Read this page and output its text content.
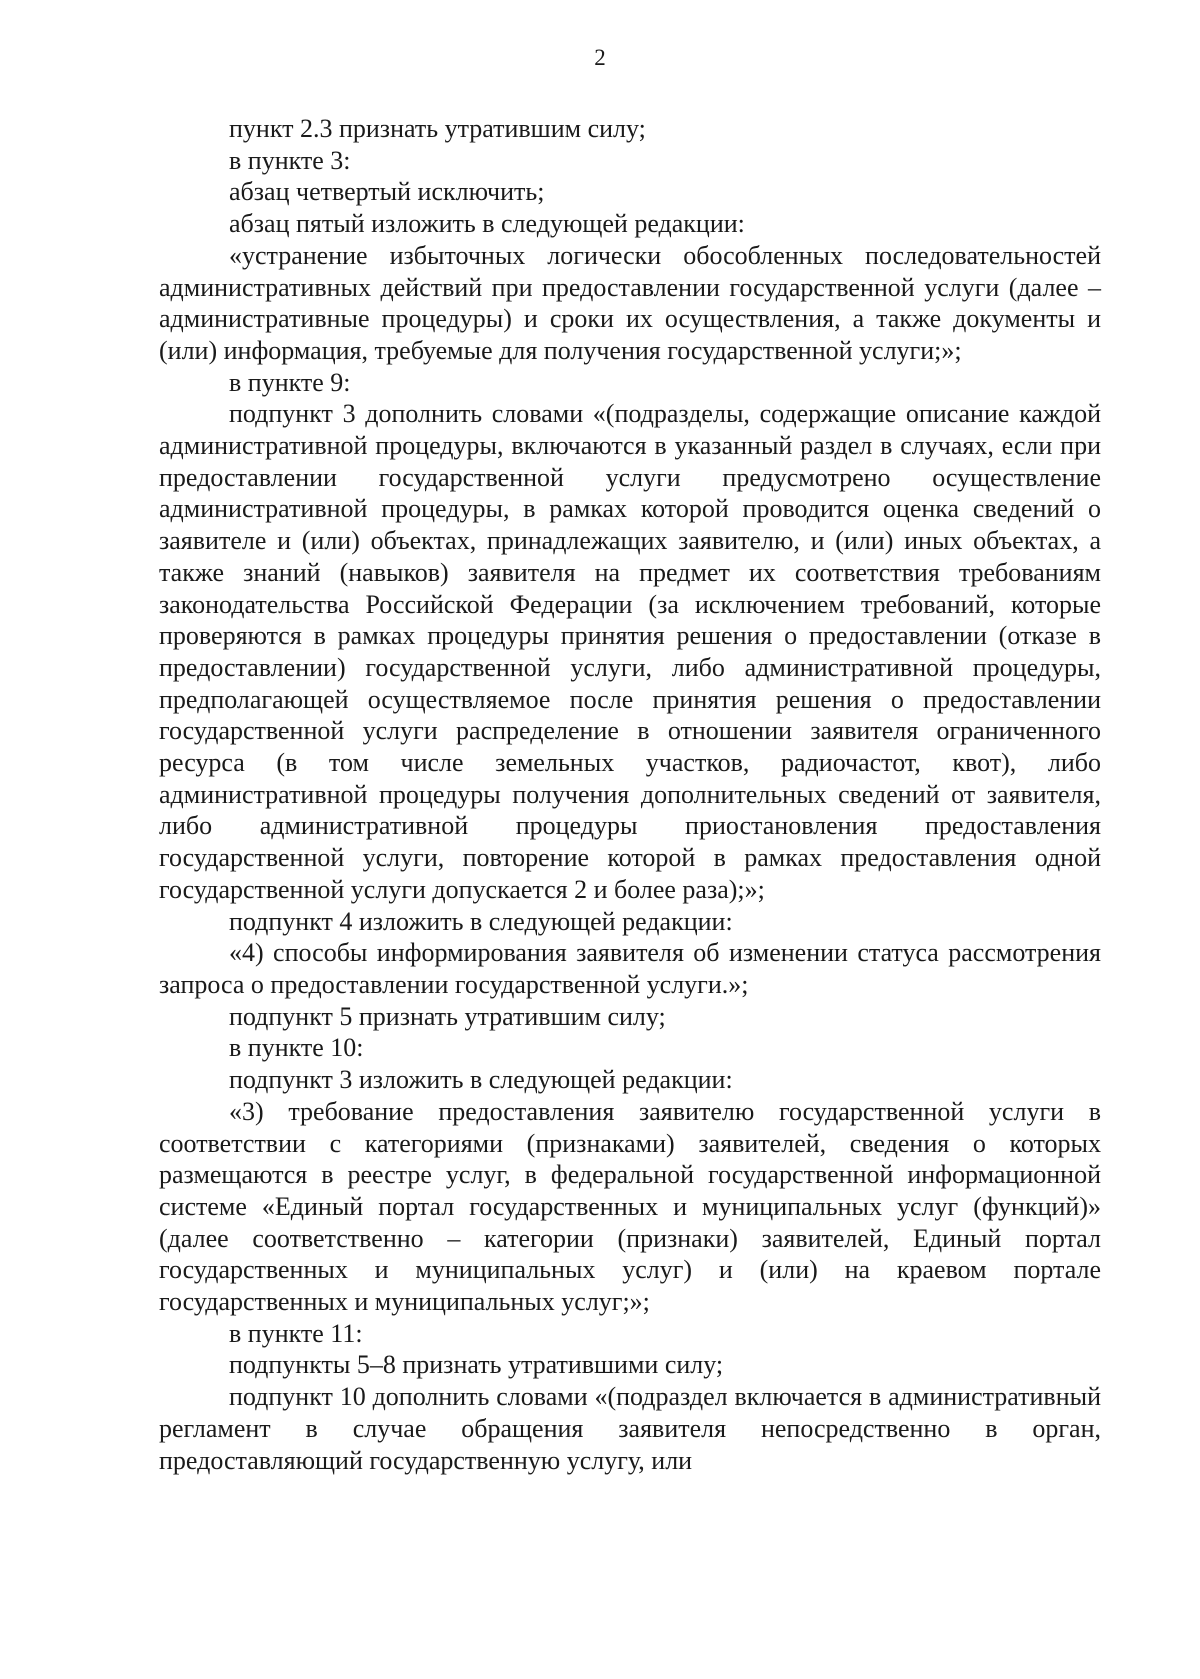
2

пункт 2.3 признать утратившим силу;

в пункте 3:

абзац четвертый исключить;

абзац пятый изложить в следующей редакции:

«устранение избыточных логически обособленных последовательностей административных действий при предоставлении государственной услуги (далее – административные процедуры) и сроки их осуществления, а также документы и (или) информация, требуемые для получения государственной услуги;»;

в пункте 9:

подпункт 3 дополнить словами «(подразделы, содержащие описание каждой административной процедуры, включаются в указанный раздел в случаях, если при предоставлении государственной услуги предусмотрено осуществление административной процедуры, в рамках которой проводится оценка сведений о заявителе и (или) объектах, принадлежащих заявителю, и (или) иных объектах, а также знаний (навыков) заявителя на предмет их соответствия требованиям законодательства Российской Федерации (за исключением требований, которые проверяются в рамках процедуры принятия решения о предоставлении (отказе в предоставлении) государственной услуги, либо административной процедуры, предполагающей осуществляемое после принятия решения о предоставлении государственной услуги распределение в отношении заявителя ограниченного ресурса (в том числе земельных участков, радиочастот, квот), либо административной процедуры получения дополнительных сведений от заявителя, либо административной процедуры приостановления предоставления государственной услуги, повторение которой в рамках предоставления одной государственной услуги допускается 2 и более раза);»;

подпункт 4 изложить в следующей редакции:

«4) способы информирования заявителя об изменении статуса рассмотрения запроса о предоставлении государственной услуги.»;

подпункт 5 признать утратившим силу;

в пункте 10:

подпункт 3 изложить в следующей редакции:

«3) требование предоставления заявителю государственной услуги в соответствии с категориями (признаками) заявителей, сведения о которых размещаются в реестре услуг, в федеральной государственной информационной системе «Единый портал государственных и муниципальных услуг (функций)» (далее соответственно – категории (признаки) заявителей, Единый портал государственных и муниципальных услуг) и (или) на краевом портале государственных и муниципальных услуг;»;

в пункте 11:

подпункты 5–8 признать утратившими силу;

подпункт 10 дополнить словами «(подраздел включается в административный регламент в случае обращения заявителя непосредственно в орган, предоставляющий государственную услугу, или
